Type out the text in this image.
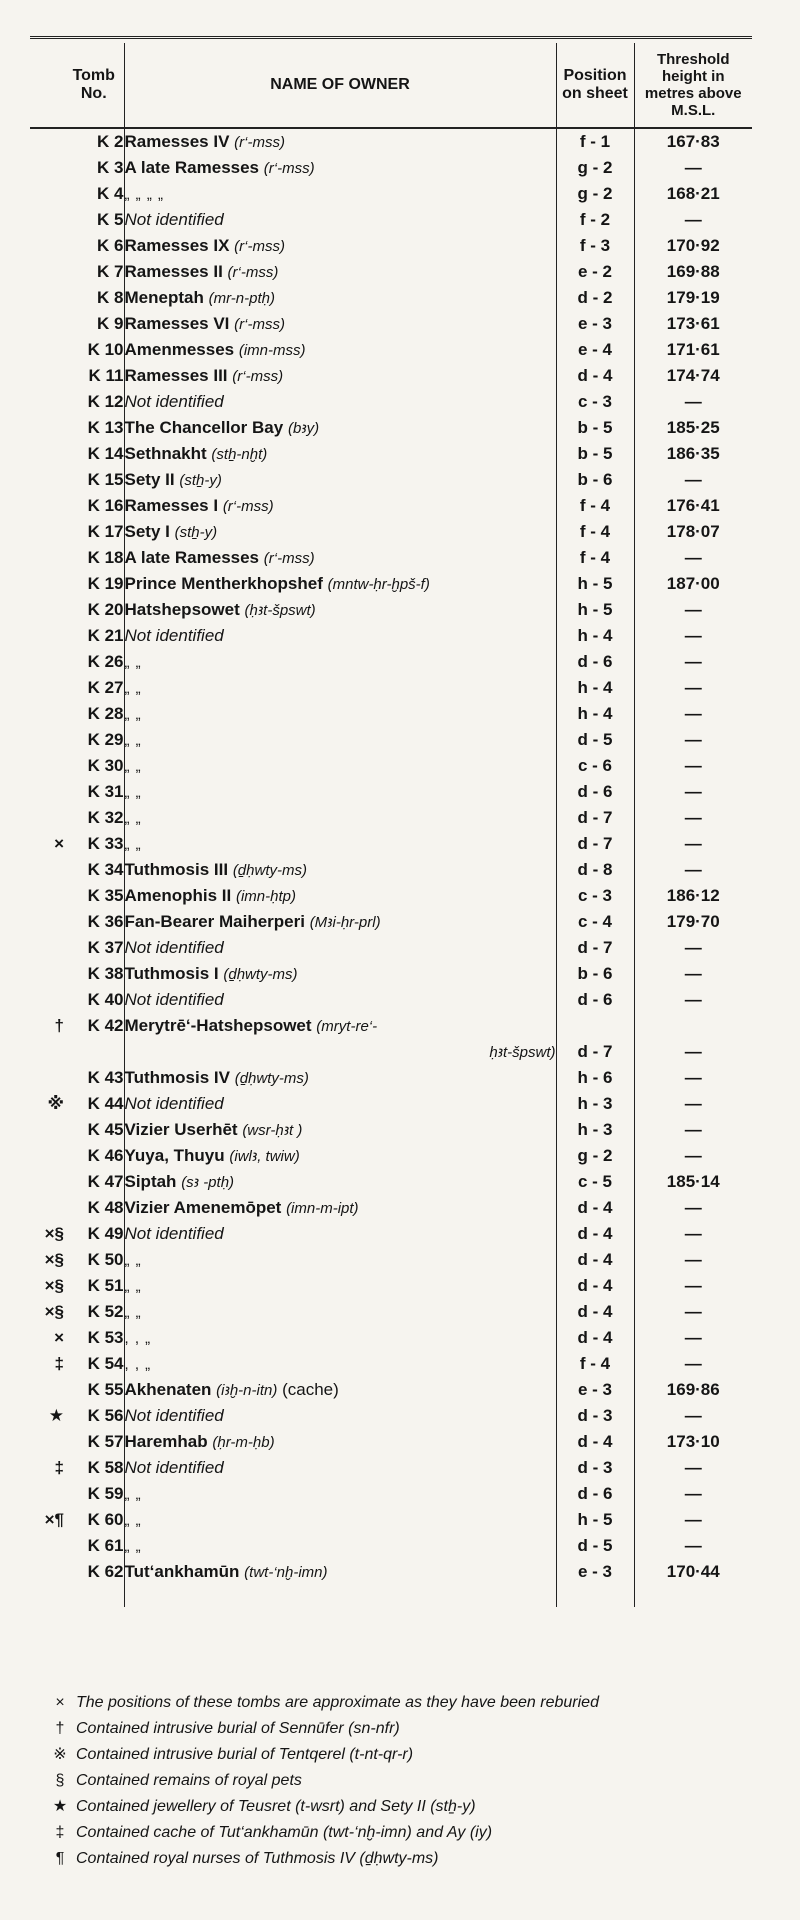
	Tomb No.	NAME OF OWNER	Position on sheet	Threshold height in metres above M.S.L.
	K 2	Ramesses IV (r‘-mss)	f - 1	167·83
	K 3	A late Ramesses (r‘-mss)	g - 2	—
	K 4	„ „ „ „	g - 2	168·21
	K 5	Not identified	f - 2	—
	K 6	Ramesses IX (r‘-mss)	f - 3	170·92
	K 7	Ramesses II (r‘-mss)	e - 2	169·88
	K 8	Meneptah (mr-n-ptḥ)	d - 2	179·19
	K 9	Ramesses VI (r‘-mss)	e - 3	173·61
	K 10	Amenmesses (imn-mss)	e - 4	171·61
	K 11	Ramesses III (r‘-mss)	d - 4	174·74
	K 12	Not identified	c - 3	—
	K 13	The Chancellor Bay (bꜣy)	b - 5	185·25
	K 14	Sethnakht (stẖ-nḫt)	b - 5	186·35
	K 15	Sety II (stẖ-y)	b - 6	—
	K 16	Ramesses I (r‘-mss)	f - 4	176·41
	K 17	Sety I (stẖ-y)	f - 4	178·07
	K 18	A late Ramesses (r‘-mss)	f - 4	—
	K 19	Prince Mentherkhopshef (mntw-ḥr-ḫpš-f)	h - 5	187·00
	K 20	Hatshepsowet (ḥꜣt-špswt)	h - 5	—
	K 21	Not identified	h - 4	—
	K 26	„ „	d - 6	—
	K 27	„ „	h - 4	—
	K 28	„ „	h - 4	—
	K 29	„ „	d - 5	—
	K 30	„ „	c - 6	—
	K 31	„ „	d - 6	—
	K 32	„ „	d - 7	—
×	K 33	„ „	d - 7	—
	K 34	Tuthmosis III (ḏḥwty-ms)	d - 8	—
	K 35	Amenophis II (imn-ḥtp)	c - 3	186·12
	K 36	Fan-Bearer Maiherperi (Mꜣi-ḥr-prl)	c - 4	179·70
	K 37	Not identified	d - 7	—
	K 38	Tuthmosis I (ḏḥwty-ms)	b - 6	—
	K 40	Not identified	d - 6	—
†	K 42	Merytrē‘-Hatshepsowet (mryt-re‘-		
		ḥꜣt-špswt)	d - 7	—
	K 43	Tuthmosis IV (ḏḥwty-ms)	h - 6	—
※	K 44	Not identified	h - 3	—
	K 45	Vizier Userhēt (wsr-ḥꜣt )	h - 3	—
	K 46	Yuya, Thuyu (iwlꜣ, twiw)	g - 2	—
	K 47	Siptah (sꜣ -ptḥ)	c - 5	185·14
	K 48	Vizier Amenemōpet (imn-m-ipt)	d - 4	—
×§	K 49	Not identified	d - 4	—
×§	K 50	„ „	d - 4	—
×§	K 51	„ „	d - 4	—
×§	K 52	„ „	d - 4	—
×	K 53	, , „	d - 4	—
‡	K 54	, , „	f - 4	—
	K 55	Akhenaten (iꜣḫ-n-itn) (cache)	e - 3	169·86
★	K 56	Not identified	d - 3	—
	K 57	Haremhab (ḥr-m-ḥb)	d - 4	173·10
‡	K 58	Not identified	d - 3	—
	K 59	„ „	d - 6	—
×¶	K 60	„ „	h - 5	—
	K 61	„ „	d - 5	—
	K 62	Tut‘ankhamūn (twt-‘nḫ-imn)	e - 3	170·44

× The positions of these tombs are approximate as they have been reburied
† Contained intrusive burial of Sennūfer (sn-nfr)
※ Contained intrusive burial of Tentqerel (t-nt-qr-r)
§ Contained remains of royal pets
★ Contained jewellery of Teusret (t-wsrt) and Sety II (stẖ-y)
‡ Contained cache of Tut‘ankhamūn (twt-‘nḫ-imn) and Ay (iy)
¶ Contained royal nurses of Tuthmosis IV (ḏḥwty-ms)
